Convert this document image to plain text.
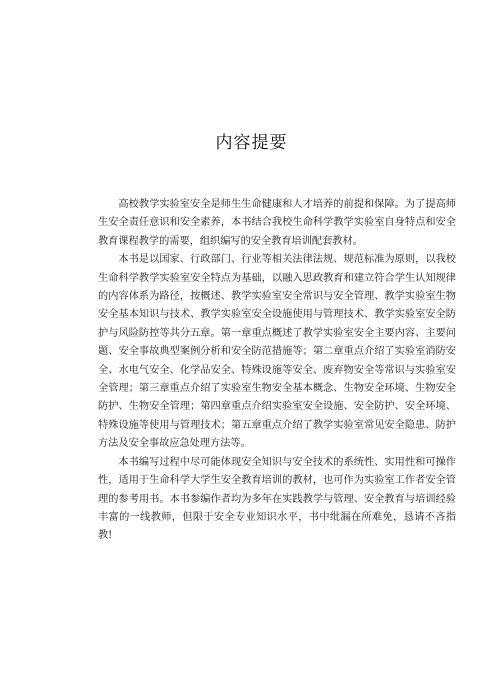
内容提要

高校教学实验室安全是师生生命健康和人才培养的前提和保障。为了提高师生安全责任意识和安全素养，本书结合我校生命科学教学实验室自身特点和安全教育课程教学的需要，组织编写的安全教育培训配套教材。

本书是以国家、行政部门、行业等相关法律法规、规范标准为原则，以我校生命科学教学实验室安全特点为基础，以融入思政教育和建立符合学生认知规律的内容体系为路径，按概述、教学实验室安全常识与安全管理、教学实验室生物安全基本知识与技术、教学实验室安全设施使用与管理技术、教学实验室安全防护与风险防控等共分五章。第一章重点概述了教学实验室安全主要内容、主要问题、安全事故典型案例分析和安全防范措施等；第二章重点介绍了实验室消防安全、水电气安全、化学品安全、特殊设施等安全、废弃物安全等常识与实验室安全管理；第三章重点介绍了实验室生物安全基本概念、生物安全环境、生物安全防护、生物安全管理；第四章重点介绍实验室安全设施、安全防护、安全环境、特殊设施等使用与管理技术；第五章重点介绍了教学实验室常见安全隐患、防护方法及安全事故应急处理方法等。

本书编写过程中尽可能体现安全知识与安全技术的系统性、实用性和可操作性，适用于生命科学大学生安全教育培训的教材，也可作为实验室工作者安全管理的参考用书。本书参编作者均为多年在实践教学与管理、安全教育与培训经验丰富的一线教师，但限于安全专业知识水平，书中纰漏在所难免，恳请不吝指教!
